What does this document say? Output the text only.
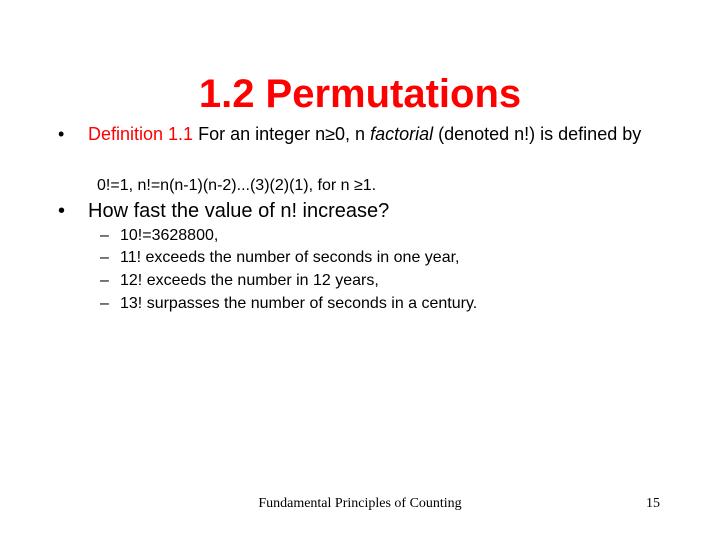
1.2 Permutations
• Definition 1.1 For an integer n≥0, n factorial (denoted n!) is defined by
0!=1, n!=n(n-1)(n-2)...(3)(2)(1), for n ≥1.
• How fast the value of n! increase?
– 10!=3628800,
– 11! exceeds the number of seconds in one year,
– 12! exceeds the number in 12 years,
– 13! surpasses the number of seconds in a century.
Fundamental Principles of Counting	15
